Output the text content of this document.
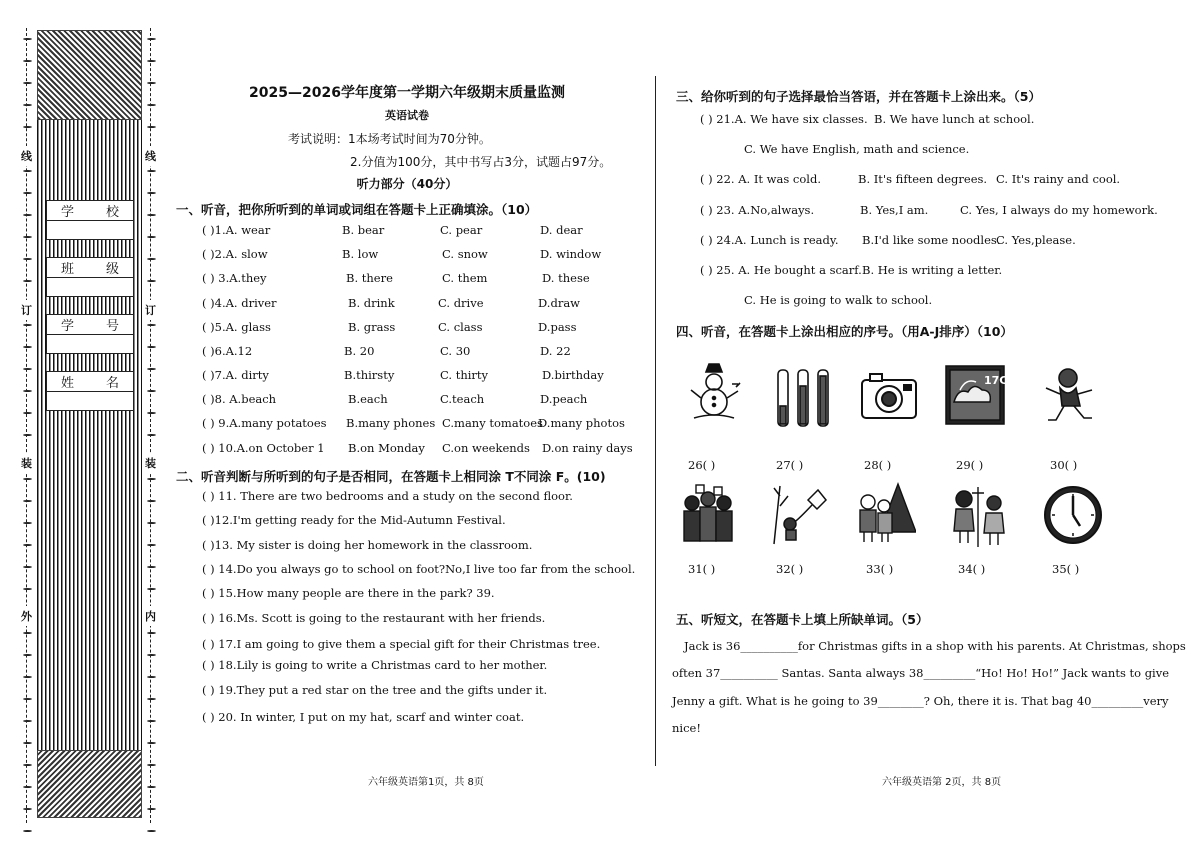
线
订
装
外
线
订
装
内
学 校
班 级
学 号
姓 名
2025—2026学年度第一学期六年级期末质量监测
英语试卷
考试说明：1本场考试时间为70分钟。
2.分值为100分，其中书写占3分，试题占97分。
听力部分（40分）
一、听音，把你所听到的单词或词组在答题卡上正确填涂。（10）
( )1.A. wear	B. bear	C. pear	D. dear
( )2.A. slow	B. low	C. snow	D. window
( ) 3.A.they	B. there	C. them	D. these
( )4.A. driver	B. drink	C. drive	D.draw
( )5.A. glass	B. grass	C. class	D.pass
( )6.A.12	B. 20	C. 30	D. 22
( )7.A. dirty	B.thirsty	C. thirty	D.birthday
( )8. A.beach	B.each	C.teach	D.peach
( ) 9.A.many potatoes B.many phones C.many tomatoes
D.many photos
( ) 10.A.on October 1 B.on Monday C.on weekends D.on rainy days
二、听音判断与所听到的句子是否相同，在答题卡上相同涂 T不同涂 F。(10)
( ) 11. There are two bedrooms and a study on the second floor.
( )12.I'm getting ready for the Mid-Autumn Festival.
( )13. My sister is doing her homework in the classroom.
( ) 14.Do you always go to school on foot?No,I live too far from the school.
( ) 15.How many people are there in the park? 39.
( ) 16.Ms. Scott is going to the restaurant with her friends.
( ) 17.I am going to give them a special gift for their Christmas tree.
( ) 18.Lily is going to write a Christmas card to her mother.
( ) 19.They put a red star on the tree and the gifts under it.
( ) 20. In winter, I put on my hat, scarf and winter coat.
六年级英语第1页，共 8页
三、给你听到的句子选择最恰当答语，并在答题卡上涂出来。（5）
( ) 21.A. We have six classes. B. We have lunch at school.
C. We have English, math and science.
( ) 22. A. It was cold.	B. It's fifteen degrees. C. It's rainy and cool.
( ) 23. A.No,always.	B. Yes,I am.	C. Yes, I always do my homework.
( ) 24.A. Lunch is ready. B.I'd like some noodles.
C. Yes,please.
( ) 25. A. He bought a scarf. B. He is writing a letter.
C. He is going to walk to school.
四、听音，在答题卡上涂出相应的序号。（用A-J排序）（10）
17C
26( )	27( )	28( )	29( )	30( )
31( )	32( )	33( )	34( )	35( )
五、听短文，在答题卡上填上所缺单词。（5）
Jack is 36__________for Christmas gifts in a shop with his parents. At Christmas, shops
often 37__________ Santas. Santa always 38_________“Ho! Ho! Ho!” Jack wants to give
Jenny a gift. What is he going to 39________? Oh, there it is. That bag 40_________very
nice!
六年级英语第 2页，共 8页
